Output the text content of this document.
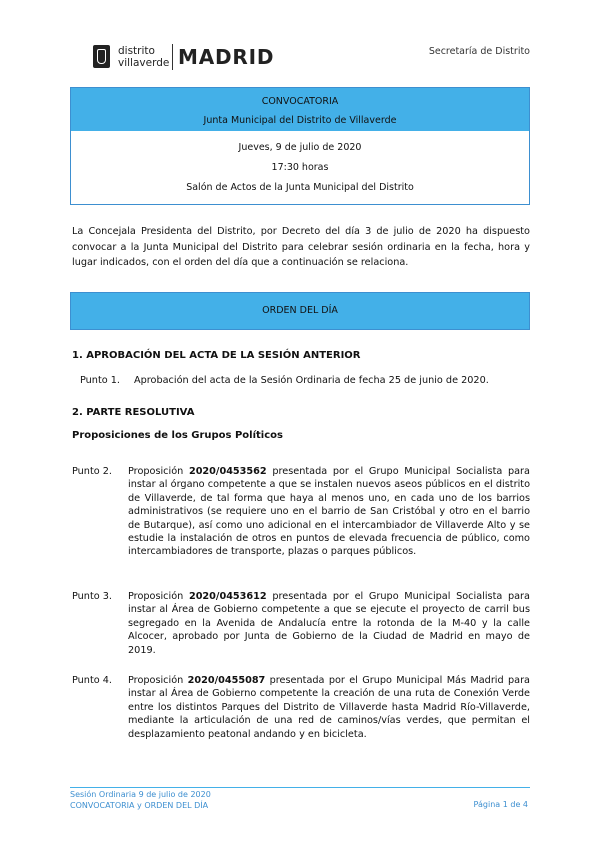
distrito
villaverde MADRID	Secretaría de Distrito
CONVOCATORIA
Junta Municipal del Distrito de Villaverde
Jueves, 9 de julio de 2020
17:30 horas
Salón de Actos de la Junta Municipal del Distrito
La Concejala Presidenta del Distrito, por Decreto del día 3 de julio de 2020 ha dispuesto convocar a la Junta Municipal del Distrito para celebrar sesión ordinaria en la fecha, hora y lugar indicados, con el orden del día que a continuación se relaciona.
ORDEN DEL DÍA
1. APROBACIÓN DEL ACTA DE LA SESIÓN ANTERIOR
Punto 1. Aprobación del acta de la Sesión Ordinaria de fecha 25 de junio de 2020.
2. PARTE RESOLUTIVA
Proposiciones de los Grupos Políticos
Punto 2.	Proposición 2020/0453562 presentada por el Grupo Municipal Socialista para instar al órgano competente a que se instalen nuevos aseos públicos en el distrito de Villaverde, de tal forma que haya al menos uno, en cada uno de los barrios administrativos (se requiere uno en el barrio de San Cristóbal y otro en el barrio de Butarque), así como uno adicional en el intercambiador de Villaverde Alto y se estudie la instalación de otros en puntos de elevada frecuencia de público, como intercambiadores de transporte, plazas o parques públicos.
Punto 3.	Proposición 2020/0453612 presentada por el Grupo Municipal Socialista para instar al Área de Gobierno competente a que se ejecute el proyecto de carril bus segregado en la Avenida de Andalucía entre la rotonda de la M-40 y la calle Alcocer, aprobado por Junta de Gobierno de la Ciudad de Madrid en mayo de 2019.
Punto 4.	Proposición 2020/0455087 presentada por el Grupo Municipal Más Madrid para instar al Área de Gobierno competente la creación de una ruta de Conexión Verde entre los distintos Parques del Distrito de Villaverde hasta Madrid Río-Villaverde, mediante la articulación de una red de caminos/vías verdes, que permitan el desplazamiento peatonal andando y en bicicleta.
Sesión Ordinaria 9 de julio de 2020
CONVOCATORIA y ORDEN DEL DÍA	Página 1 de 4
